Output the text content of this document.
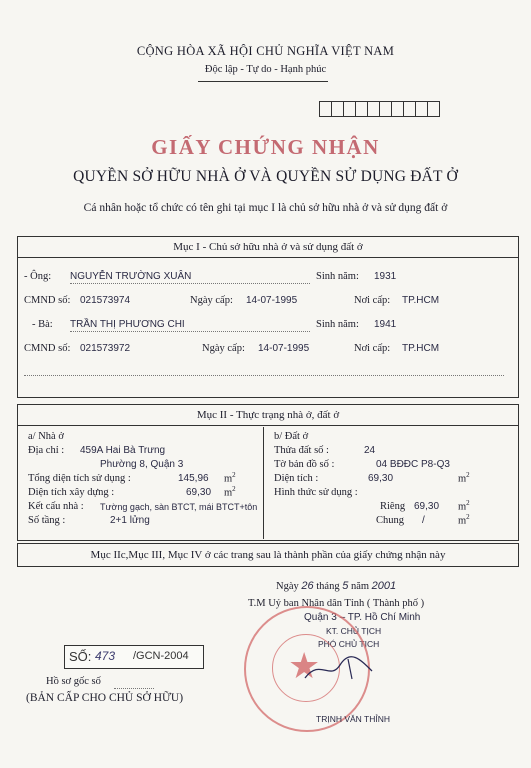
CỘNG HÒA XÃ HỘI CHỦ NGHĨA VIỆT NAM
Độc lập - Tự do - Hạnh phúc
GIẤY CHỨNG NHẬN
QUYỀN SỞ HỮU NHÀ Ở VÀ QUYỀN SỬ DỤNG ĐẤT Ở
Cá nhân hoặc tổ chức có tên ghi tại mục I là chủ sở hữu nhà ở và sử dụng đất ở
Mục I - Chủ sở hữu nhà ở và sử dụng đất ở
- Ông: NGUYỄN TRƯỜNG XUÂN	Sinh năm: 1931
CMND số: 021573974	Ngày cấp: 14-07-1995	Nơi cấp: TP.HCM
- Bà: TRẦN THỊ PHƯƠNG CHI	Sinh năm: 1941
CMND số: 021573972	Ngày cấp: 14-07-1995	Nơi cấp: TP.HCM
Mục II - Thực trạng nhà ở, đất ở
a/ Nhà ở
Địa chỉ : 459A Hai Bà Trưng
Phường 8, Quận 3
Tổng diện tích sử dụng :	145,96 $m^2$
Diện tích xây dựng :	69,30 $m^2$
Kết cấu nhà : Tường gạch, sàn BTCT, mái BTCT+tôn
Số tầng :	2+1 lửng
b/ Đất ở
Thửa đất số :	24
Tờ bản đồ số :	04 BĐĐC P8-Q3
Diện tích :	69,30	$m^2$
Hình thức sử dụng :
Riêng 69,30 $m^2$
Chung /	$m^2$
Mục IIc,Mục III, Mục IV ở các trang sau là thành phần của giấy chứng nhận này
Ngày 26 tháng 5 năm 2001
T.M Uỷ ban Nhân dân Tỉnh ( Thành phố )
Quận 3 – TP. Hồ Chí Minh
KT. CHỦ TỊCH
PHÓ CHỦ TỊCH
★
TRỊNH VĂN THỈNH
SỐ: 473 /GCN-2004
Hồ sơ gốc số
(BẢN CẤP CHO CHỦ SỞ HỮU)
